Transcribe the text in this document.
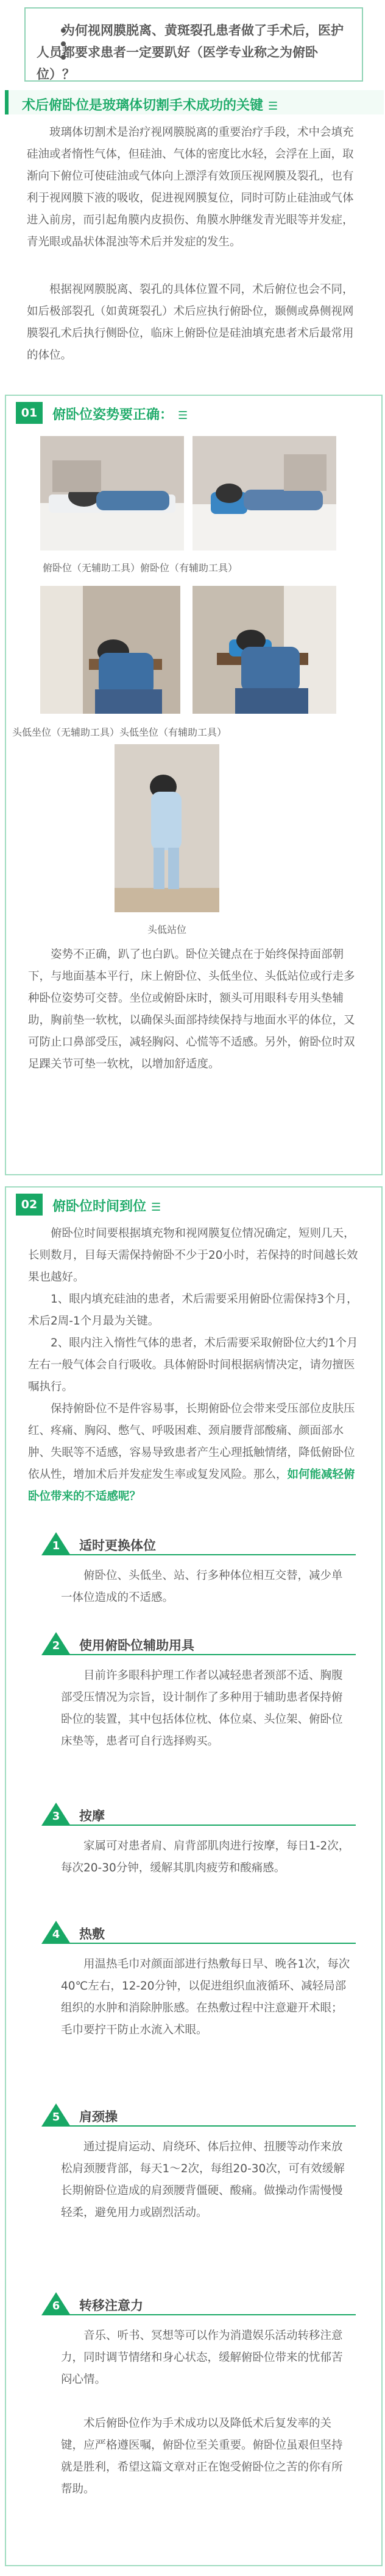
为何视网膜脱离、黄斑裂孔患者做了手术后，医护人员都要求患者一定要趴好（医学专业称之为俯卧位）？

术后俯卧位是玻璃体切割手术成功的关键 ☰

玻璃体切割术是治疗视网膜脱离的重要治疗手段，术中会填充硅油或者惰性气体，但硅油、气体的密度比水轻，会浮在上面，取渐向下俯位可使硅油或气体向上漂浮有效顶压视网膜及裂孔，也有利于视网膜下液的吸收，促进视网膜复位，同时可防止硅油或气体进入前房，而引起角膜内皮损伤、角膜水肿继发青光眼等并发症，青光眼或晶状体混浊等术后并发症的发生。

根据视网膜脱离、裂孔的具体位置不同，术后俯位也会不同，如后极部裂孔（如黄斑裂孔）术后应执行俯卧位，颞侧或鼻侧视网膜裂孔术后执行侧卧位，临床上俯卧位是硅油填充患者术后最常用的体位。

01	俯卧位姿势要正确： ☰
俯卧位（无辅助工具）俯卧位（有辅助工具）
头低坐位（无辅助工具）头低坐位（有辅助工具）
头低站位

姿势不正确，趴了也白趴。卧位关键点在于始终保持面部朝下，与地面基本平行，床上俯卧位、头低坐位、头低站位或行走多种卧位姿势可交替。坐位或俯卧床时，额头可用眼科专用头垫辅助，胸前垫一软枕，以确保头面部持续保持与地面水平的体位，又可防止口鼻部受压，减轻胸闷、心慌等不适感。另外，俯卧位时双足踝关节可垫一软枕，以增加舒适度。

02	俯卧位时间到位 ☰

俯卧位时间要根据填充物和视网膜复位情况确定，短则几天，长则数月，目每天需保持俯卧不少于20小时，若保持的时间越长效果也越好。

1、眼内填充硅油的患者，术后需要采用俯卧位需保持3个月，术后2周-1个月最为关键。

2、眼内注入惰性气体的患者，术后需要采取俯卧位大约1个月左右一般气体会自行吸收。具体俯卧时间根据病情决定，请勿擅医嘱执行。

保持俯卧位不是件容易事，长期俯卧位会带来受压部位皮肤压红、疼痛、胸闷、憋气、呼吸困难、颈肩腰背部酸痛、颜面部水肿、失眠等不适感，容易导致患者产生心理抵触情绪，降低俯卧位依从性，增加术后并发症发生率或复发风险。那么，如何能减轻俯卧位带来的不适感呢？

1 适时更换体位

俯卧位、头低坐、站、行多种体位相互交替，减少单一体位造成的不适感。

2 使用俯卧位辅助用具

目前许多眼科护理工作者以减轻患者颈部不适、胸腹部受压情况为宗旨，设计制作了多种用于辅助患者保持俯卧位的装置，其中包括体位枕、体位桌、头位架、俯卧位床垫等，患者可自行选择购买。

3 按摩

家属可对患者肩、肩背部肌肉进行按摩，每日1-2次，每次20-30分钟，缓解其肌肉疲劳和酸痛感。

4 热敷

用温热毛巾对颜面部进行热敷每日早、晚各1次，每次40℃左右，12-20分钟，以促进组织血液循环、减轻局部组织的水肿和消除肿胀感。在热敷过程中注意避开术眼；毛巾要拧干防止水流入术眼。

5 肩颈操

通过提肩运动、肩绕环、体后拉伸、扭腰等动作来放松肩颈腰背部，每天1～2次，每组20-30次，可有效缓解长期俯卧位造成的肩颈腰背僵硬、酸痛。做操动作需慢慢轻柔，避免用力或剧烈活动。

6 转移注意力

音乐、听书、冥想等可以作为消遣娱乐活动转移注意力，同时调节情绪和身心状态，缓解俯卧位带来的忧郁苦闷心情。

术后俯卧位作为手术成功以及降低术后复发率的关键，应严格遵医嘱，俯卧位至关重要。俯卧位虽艰但坚持就是胜利，希望这篇文章对正在饱受俯卧位之苦的你有所帮助。
